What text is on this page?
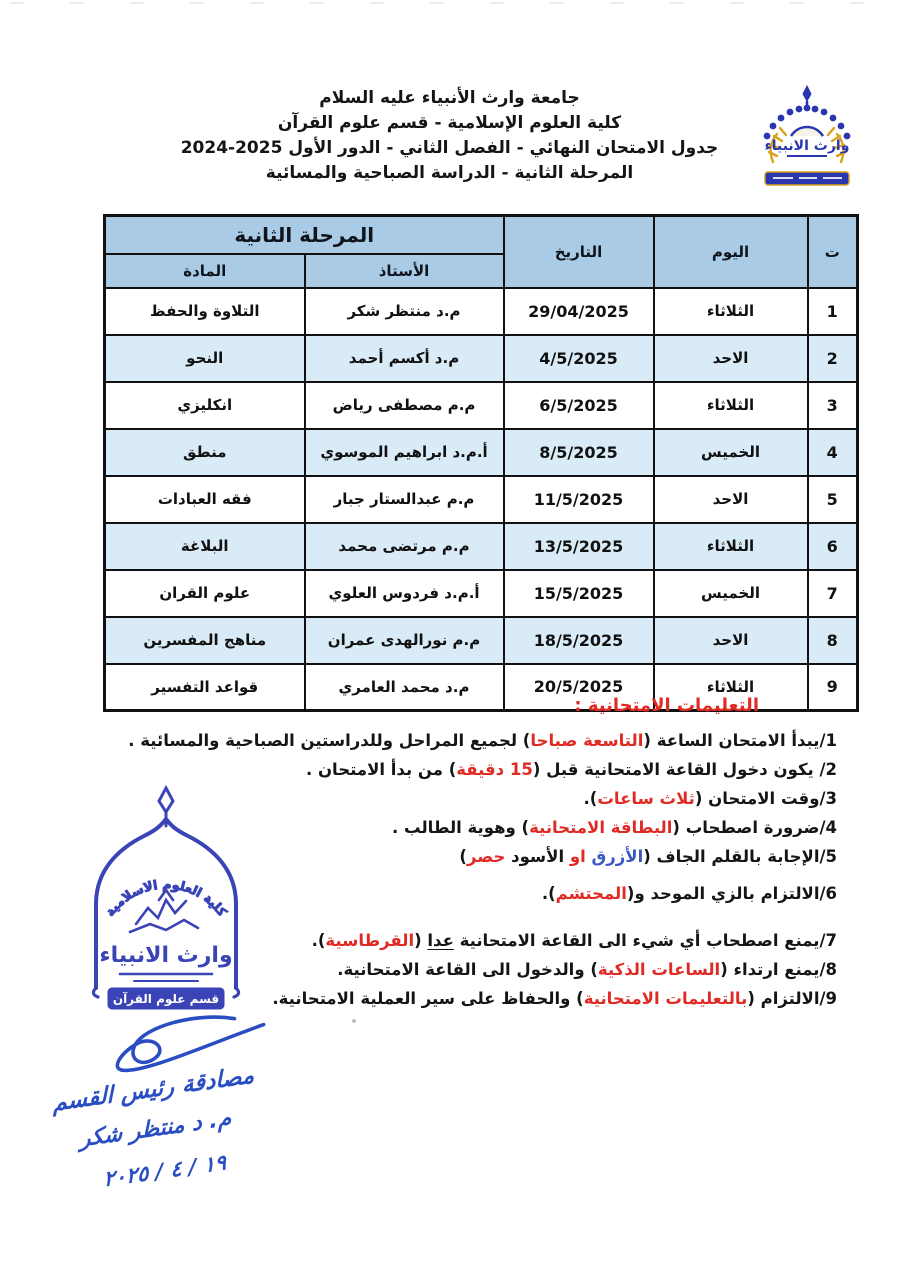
جامعة وارث الأنبياء عليه السلام
كلية العلوم الإسلامية - قسم علوم القرآن
جدول الامتحان النهائي - الفصل الثاني - الدور الأول 2025-2024
المرحلة الثانية - الدراسة الصباحية والمسائية
وارث الانبياء
ت	اليوم	التاريخ	المرحلة الثانية	
			الأستاذ	المادة
1	الثلاثاء	29/04/2025	م.د منتظر شكر	التلاوة والحفظ
2	الاحد	4/5/2025	م.د أكسم أحمد	النحو
3	الثلاثاء	6/5/2025	م.م مصطفى رياض	انكليزي
4	الخميس	8/5/2025	أ.م.د ابراهيم الموسوي	منطق
5	الاحد	11/5/2025	م.م عبدالستار جبار	فقه العبادات
6	الثلاثاء	13/5/2025	م.م مرتضى محمد	البلاغة
7	الخميس	15/5/2025	أ.م.د فردوس العلوي	علوم القران
8	الاحد	18/5/2025	م.م نورالهدى عمران	مناهج المفسرين
9	الثلاثاء	20/5/2025	م.د محمد العامري	قواعد التفسير
التعليمات الامتحانية :
1/يبدأ الامتحان الساعة (التاسعة صباحا) لجميع المراحل وللدراستين الصباحية والمسائية .
2/ يكون دخول القاعة الامتحانية قبل (15 دقيقة) من بدأ الامتحان .
3/وقت الامتحان (ثلاث ساعات).
4/ضرورة اصطحاب (البطاقة الامتحانية) وهوية الطالب .
5/الإجابة بالقلم الجاف (الأزرق او الأسود حصر)
6/الالتزام بالزي الموحد و(المحتشم).
7/يمنع اصطحاب أي شيء الى القاعة الامتحانية عدا (القرطاسية).
8/يمنع ارتداء (الساعات الذكية) والدخول الى القاعة الامتحانية.
9/الالتزام (بالتعليمات الامتحانية) والحفاظ على سير العملية الامتحانية.
كلية العلوم الاسلامية
وارث الانبياء
قسم علوم القرآن
مصادقة رئيس القسم
م. د منتظر شكر
١٩ / ٤ / ٢٠٢٥
